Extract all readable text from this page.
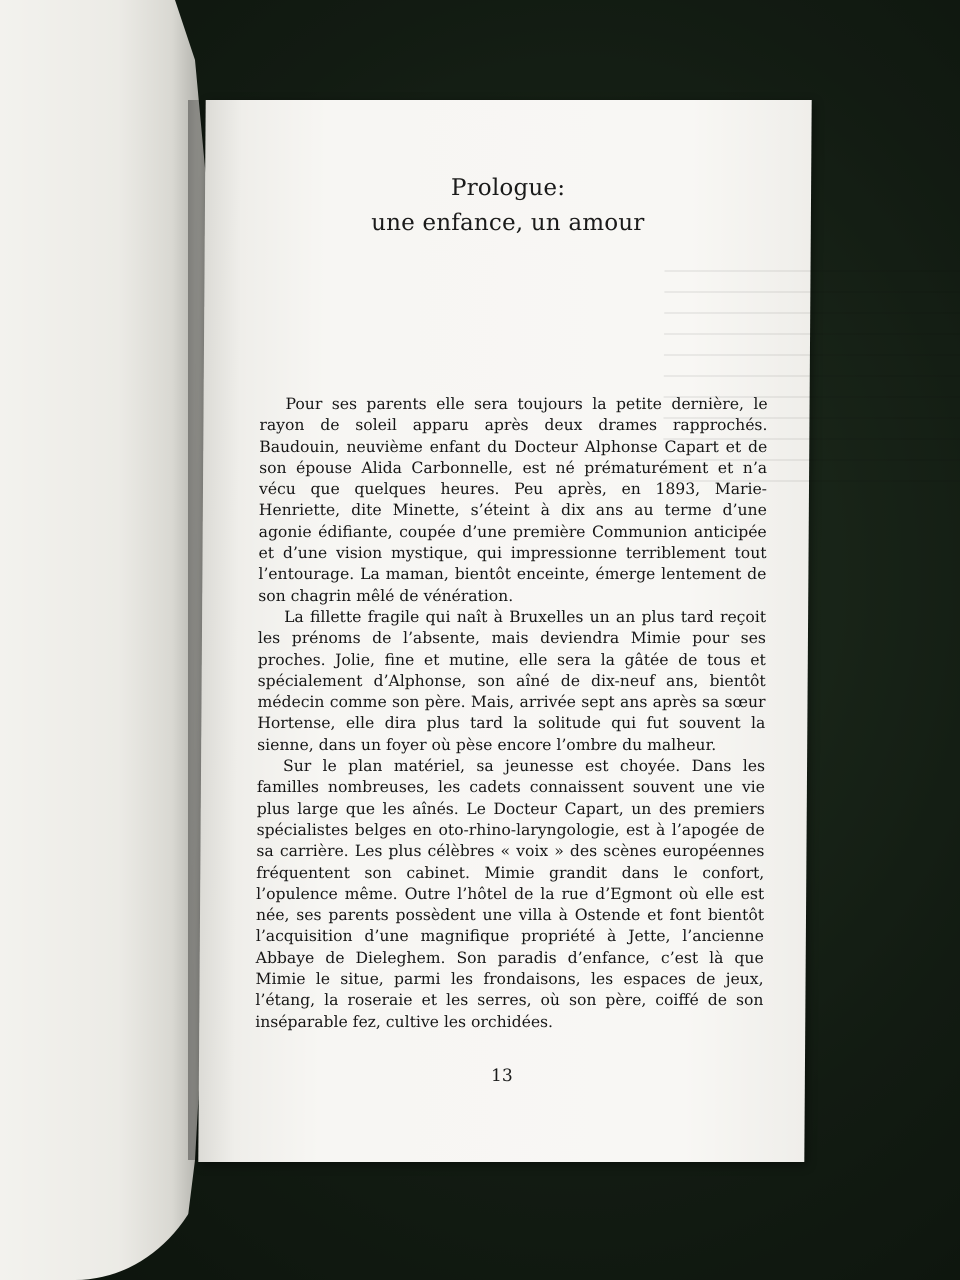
Prologue:
une enfance, un amour

Pour ses parents elle sera toujours la petite dernière, le rayon de soleil apparu après deux drames rapprochés. Baudouin, neuvième enfant du Docteur Alphonse Capart et de son épouse Alida Carbonnelle, est né prématurément et n’a vécu que quelques heures. Peu après, en 1893, Marie-Henriette, dite Minette, s’éteint à dix ans au terme d’une agonie édifiante, coupée d’une première Communion anticipée et d’une vision mystique, qui impressionne terriblement tout l’entourage. La maman, bientôt enceinte, émerge lentement de son chagrin mêlé de vénération.

La fillette fragile qui naît à Bruxelles un an plus tard reçoit les prénoms de l’absente, mais deviendra Mimie pour ses proches. Jolie, fine et mutine, elle sera la gâtée de tous et spécialement d’Alphonse, son aîné de dix-neuf ans, bientôt médecin comme son père. Mais, arrivée sept ans après sa sœur Hortense, elle dira plus tard la solitude qui fut souvent la sienne, dans un foyer où pèse encore l’ombre du malheur.

Sur le plan matériel, sa jeunesse est choyée. Dans les familles nombreuses, les cadets connaissent souvent une vie plus large que les aînés. Le Docteur Capart, un des premiers spécialistes belges en oto-rhino-laryngologie, est à l’apogée de sa carrière. Les plus célèbres « voix » des scènes européennes fréquentent son cabinet. Mimie grandit dans le confort, l’opulence même. Outre l’hôtel de la rue d’Egmont où elle est née, ses parents possèdent une villa à Ostende et font bientôt l’acquisition d’une magnifique propriété à Jette, l’ancienne Abbaye de Dieleghem. Son paradis d’enfance, c’est là que Mimie le situe, parmi les frondaisons, les espaces de jeux, l’étang, la roseraie et les serres, où son père, coiffé de son inséparable fez, cultive les orchidées.

13
